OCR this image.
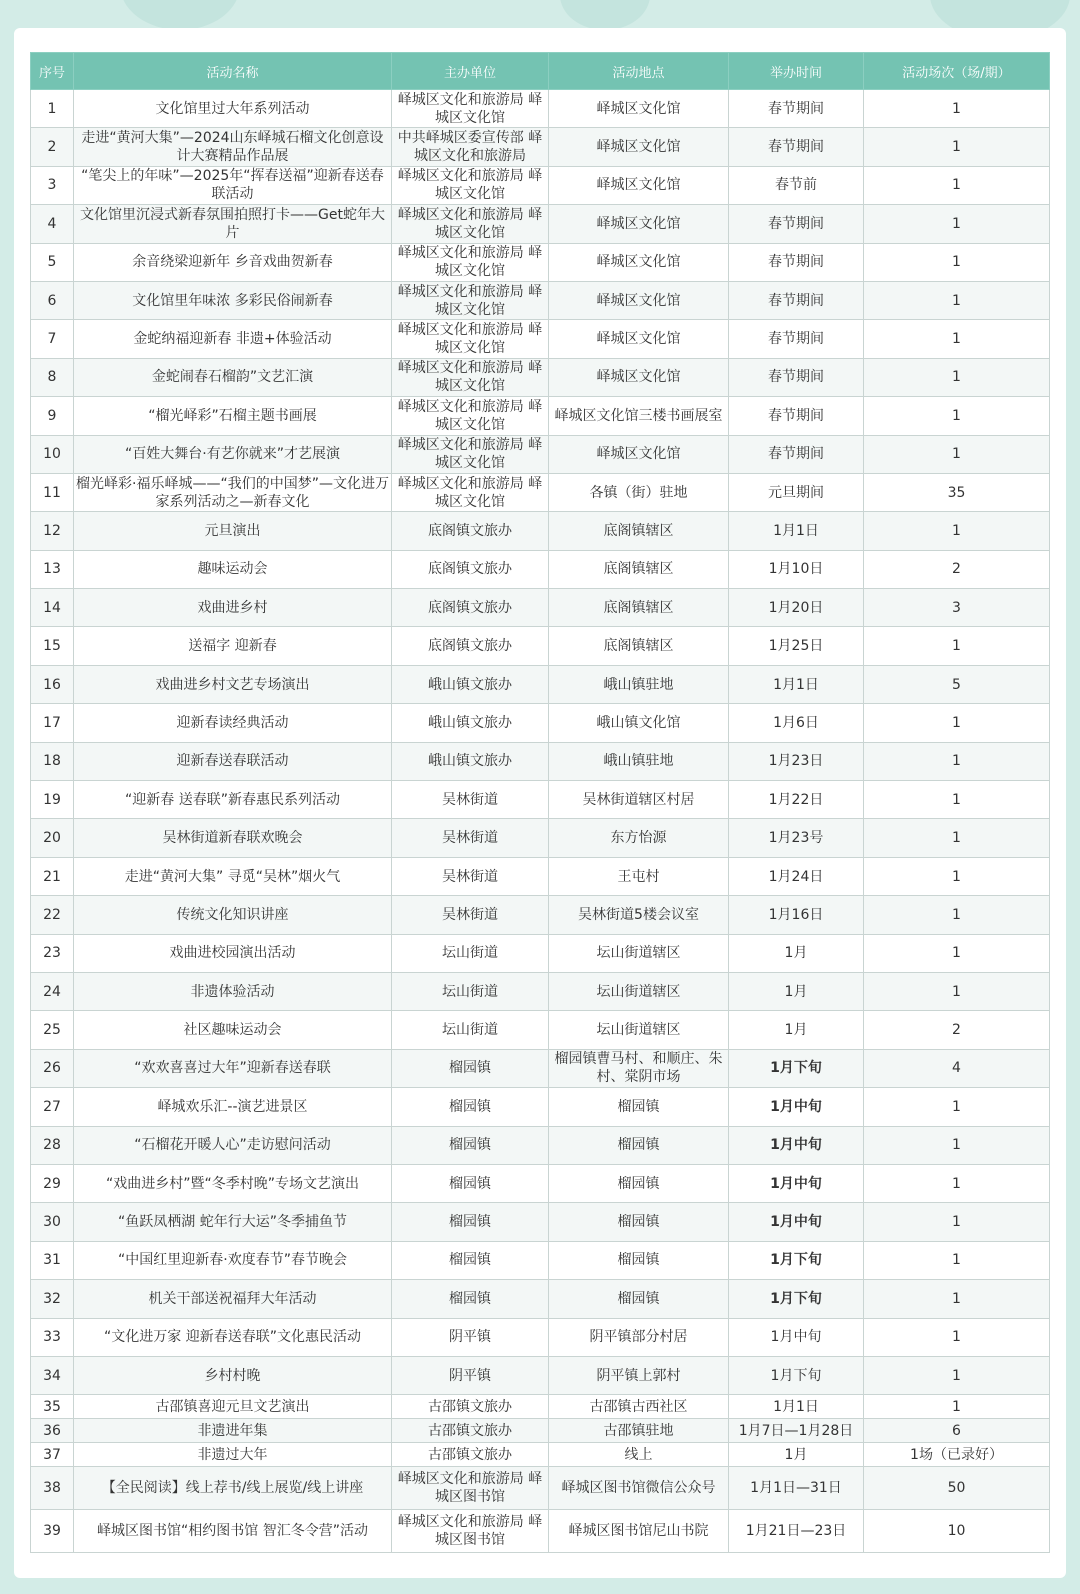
序号	活动名称	主办单位	活动地点	举办时间	活动场次（场/期）

1	文化馆里过大年系列活动	峄城区文化和旅游局 峄城区文化馆	峄城区文化馆	春节期间	1

2	走进“黄河大集”—2024山东峄城石榴文化创意设计大赛精品作品展	中共峄城区委宣传部 峄城区文化和旅游局	峄城区文化馆	春节期间	1

3	“笔尖上的年味”—2025年“挥春送福”迎新春送春联活动	峄城区文化和旅游局 峄城区文化馆	峄城区文化馆	春节前	1

4	文化馆里沉浸式新春氛围拍照打卡——Get蛇年大片	峄城区文化和旅游局 峄城区文化馆	峄城区文化馆	春节期间	1

5	余音绕梁迎新年 乡音戏曲贺新春	峄城区文化和旅游局 峄城区文化馆	峄城区文化馆	春节期间	1

6	文化馆里年味浓 多彩民俗闹新春	峄城区文化和旅游局 峄城区文化馆	峄城区文化馆	春节期间	1

7	金蛇纳福迎新春 非遗+体验活动	峄城区文化和旅游局 峄城区文化馆	峄城区文化馆	春节期间	1

8	金蛇闹春石榴韵”文艺汇演	峄城区文化和旅游局 峄城区文化馆	峄城区文化馆	春节期间	1

9	“榴光峄彩”石榴主题书画展	峄城区文化和旅游局 峄城区文化馆	峄城区文化馆三楼书画展室	春节期间	1

10	“百姓大舞台·有艺你就来”才艺展演	峄城区文化和旅游局 峄城区文化馆	峄城区文化馆	春节期间	1

11	榴光峄彩·福乐峄城——“我们的中国梦”—文化进万家系列活动之—新春文化	峄城区文化和旅游局 峄城区文化馆	各镇（街）驻地	元旦期间	35

12	元旦演出	底阁镇文旅办	底阁镇辖区	1月1日	1

13	趣味运动会	底阁镇文旅办	底阁镇辖区	1月10日	2

14	戏曲进乡村	底阁镇文旅办	底阁镇辖区	1月20日	3

15	送福字 迎新春	底阁镇文旅办	底阁镇辖区	1月25日	1

16	戏曲进乡村文艺专场演出	峨山镇文旅办	峨山镇驻地	1月1日	5

17	迎新春读经典活动	峨山镇文旅办	峨山镇文化馆	1月6日	1

18	迎新春送春联活动	峨山镇文旅办	峨山镇驻地	1月23日	1

19	“迎新春 送春联”新春惠民系列活动	吴林街道	吴林街道辖区村居	1月22日	1

20	吴林街道新春联欢晚会	吴林街道	东方怡源	1月23号	1

21	走进“黄河大集” 寻觅“吴林”烟火气	吴林街道	王屯村	1月24日	1

22	传统文化知识讲座	吴林街道	吴林街道5楼会议室	1月16日	1

23	戏曲进校园演出活动	坛山街道	坛山街道辖区	1月	1

24	非遗体验活动	坛山街道	坛山街道辖区	1月	1

25	社区趣味运动会	坛山街道	坛山街道辖区	1月	2

26	“欢欢喜喜过大年”迎新春送春联	榴园镇	榴园镇曹马村、和顺庄、朱村、棠阴市场	1月下旬	4

27	峄城欢乐汇--演艺进景区	榴园镇	榴园镇	1月中旬	1

28	“石榴花开暖人心”走访慰问活动	榴园镇	榴园镇	1月中旬	1

29	“戏曲进乡村”暨“冬季村晚”专场文艺演出	榴园镇	榴园镇	1月中旬	1

30	“鱼跃凤栖湖 蛇年行大运”冬季捕鱼节	榴园镇	榴园镇	1月中旬	1

31	“中国红里迎新春·欢度春节”春节晚会	榴园镇	榴园镇	1月下旬	1

32	机关干部送祝福拜大年活动	榴园镇	榴园镇	1月下旬	1

33	“文化进万家 迎新春送春联”文化惠民活动	阴平镇	阴平镇部分村居	1月中旬	1

34	乡村村晚	阴平镇	阴平镇上郭村	1月下旬	1

35	古邵镇喜迎元旦文艺演出	古邵镇文旅办	古邵镇古西社区	1月1日	1

36	非遗进年集	古邵镇文旅办	古邵镇驻地	1月7日—1月28日	6

37	非遗过大年	古邵镇文旅办	线上	1月	1场（已录好）

38	【全民阅读】线上荐书/线上展览/线上讲座	峄城区文化和旅游局 峄城区图书馆	峄城区图书馆微信公众号	1月1日—31日	50

39	峄城区图书馆“相约图书馆 智汇冬令营”活动	峄城区文化和旅游局 峄城区图书馆	峄城区图书馆尼山书院	1月21日—23日	10
